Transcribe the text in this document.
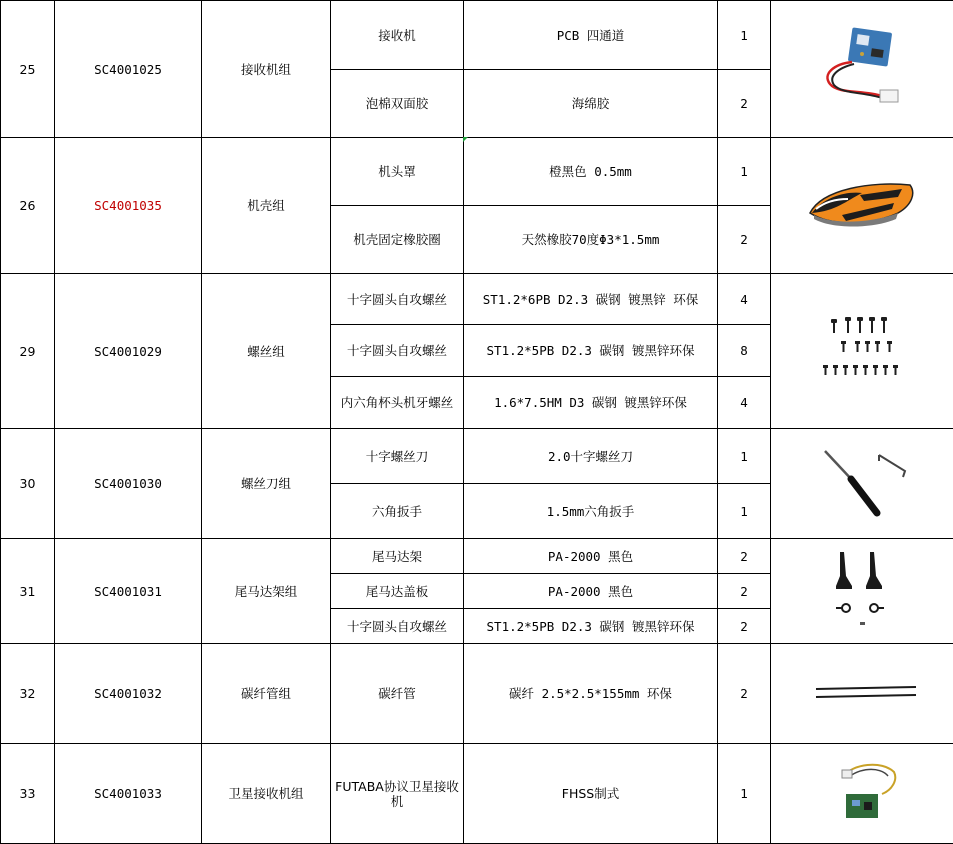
25	SC4001025	接收机组	接收机	PCB 四通道	1	

			泡棉双面胶	海绵胶	2	
26	SC4001035	机壳组	机头罩	橙黑色 0.5mm	1	

			机壳固定橡胶圈	天然橡胶70度Φ3*1.5mm	2	
29	SC4001029	螺丝组	十字圆头自攻螺丝	ST1.2*6PB D2.3 碳钢 镀黑锌 环保	4	

			十字圆头自攻螺丝	ST1.2*5PB D2.3 碳钢 镀黑锌环保	8	
			内六角杯头机牙螺丝	1.6*7.5HM D3 碳钢 镀黑锌环保	4	
30	SC4001030	螺丝刀组	十字螺丝刀	2.0十字螺丝刀	1	

			六角扳手	1.5mm六角扳手	1	
31	SC4001031	尾马达架组	尾马达架	PA-2000 黑色	2	

			尾马达盖板	PA-2000 黑色	2	
			十字圆头自攻螺丝	ST1.2*5PB D2.3 碳钢 镀黑锌环保	2	
32	SC4001032	碳纤管组	碳纤管	碳纤 2.5*2.5*155mm 环保	2	

33	SC4001033	卫星接收机组	FUTABA协议卫星接收机	FHSS制式	1	
